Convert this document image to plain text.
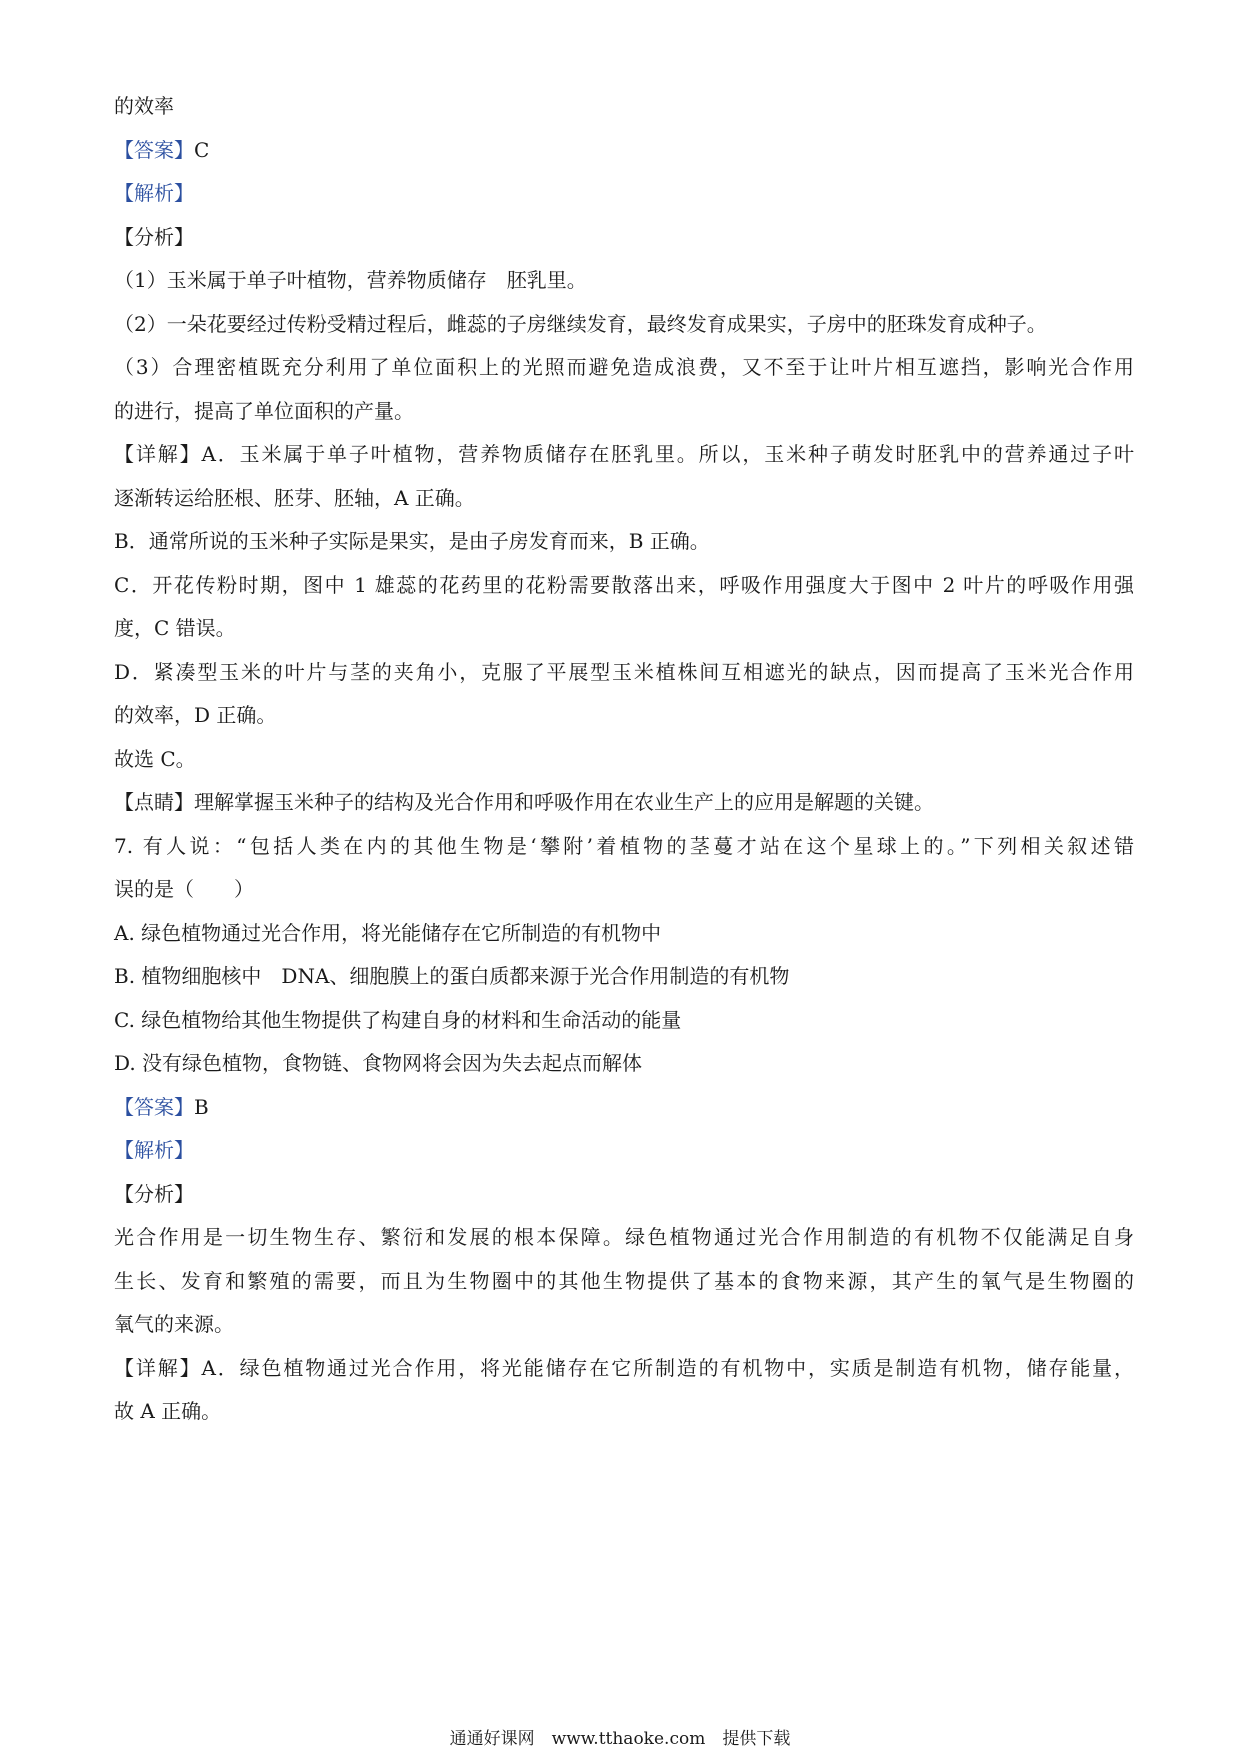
的效率
【答案】C
【解析】
【分析】
（1）玉米属于单子叶植物，营养物质储存　胚乳里。
（2）一朵花要经过传粉受精过程后，雌蕊的子房继续发育，最终发育成果实，子房中的胚珠发育成种子。
（3）合理密植既充分利用了单位面积上的光照而避免造成浪费，又不至于让叶片相互遮挡，影响光合作用
的进行，提高了单位面积的产量。
【详解】A．玉米属于单子叶植物，营养物质储存在胚乳里。所以，玉米种子萌发时胚乳中的营养通过子叶
逐渐转运给胚根、胚芽、胚轴，A 正确。
B．通常所说的玉米种子实际是果实，是由子房发育而来，B 正确。
C．开花传粉时期，图中 1 雄蕊的花药里的花粉需要散落出来，呼吸作用强度大于图中 2 叶片的呼吸作用强
度，C 错误。
D．紧凑型玉米的叶片与茎的夹角小，克服了平展型玉米植株间互相遮光的缺点，因而提高了玉米光合作用
的效率，D 正确。
故选 C。
【点睛】理解掌握玉米种子的结构及光合作用和呼吸作用在农业生产上的应用是解题的关键。
7. 有人说：“包括人类在内的其他生物是‘攀附’着植物的茎蔓才站在这个星球上的。”下列相关叙述错
误的是（　　）
A. 绿色植物通过光合作用，将光能储存在它所制造的有机物中
B. 植物细胞核中　DNA、细胞膜上的蛋白质都来源于光合作用制造的有机物
C. 绿色植物给其他生物提供了构建自身的材料和生命活动的能量
D. 没有绿色植物，食物链、食物网将会因为失去起点而解体
【答案】B
【解析】
【分析】
光合作用是一切生物生存、繁衍和发展的根本保障。绿色植物通过光合作用制造的有机物不仅能满足自身
生长、发育和繁殖的需要，而且为生物圈中的其他生物提供了基本的食物来源，其产生的氧气是生物圈的
氧气的来源。
【详解】A．绿色植物通过光合作用，将光能储存在它所制造的有机物中，实质是制造有机物，储存能量，
故 A 正确。
通通好课网　www.tthaoke.com　提供下载
